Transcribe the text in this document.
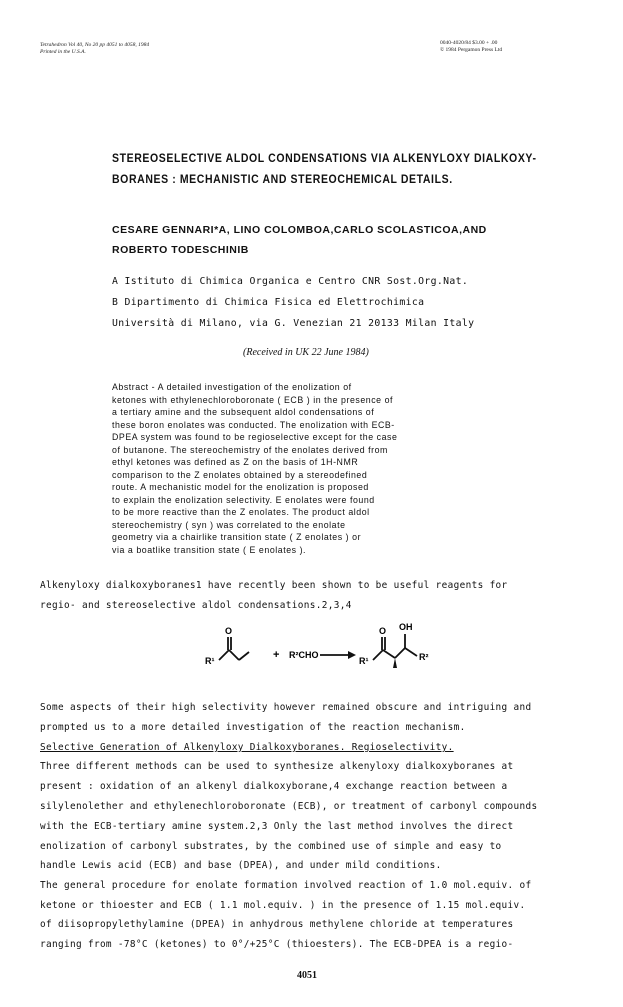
Tetrahedron Vol 40, No 20 pp 4051 to 4058, 1984
Printed in the U.S.A.
0040-4020/84 $3.00 + .00
© 1984 Pergamon Press Ltd
STEREOSELECTIVE ALDOL CONDENSATIONS VIA ALKENYLOXY DIALKOXY-
BORANES : MECHANISTIC AND STEREOCHEMICAL DETAILS.
CESARE GENNARI*A, LINO COLOMBOA,CARLO SCOLASTICOA,AND
ROBERTO TODESCHINIB
A Istituto di Chimica Organica e Centro CNR Sost.Org.Nat.
B Dipartimento di Chimica Fisica ed Elettrochimica
Università di Milano, via G. Venezian 21 20133 Milan Italy
(Received in UK 22 June 1984)
Abstract - A detailed investigation of the enolization of
ketones with ethylenechloroboronate ( ECB ) in the presence of
a tertiary amine and the subsequent aldol condensations of
these boron enolates was conducted. The enolization with ECB-
DPEA system was found to be regioselective except for the case
of butanone. The stereochemistry of the enolates derived from
ethyl ketones was defined as Z on the basis of 1H-NMR
comparison to the Z enolates obtained by a stereodefined
route. A mechanistic model for the enolization is proposed
to explain the enolization selectivity. E enolates were found
to be more reactive than the Z enolates. The product aldol
stereochemistry ( syn ) was correlated to the enolate
geometry via a chairlike transition state ( Z enolates ) or
via a boatlike transition state ( E enolates ).
Alkenyloxy dialkoxyboranes1 have recently been shown to be useful reagents for
regio- and stereoselective aldol condensations.2,3,4
R¹
O
+ R²CHO
R¹
O OH
R²
Some aspects of their high selectivity however remained obscure and intriguing and
prompted us to a more detailed investigation of the reaction mechanism.
Selective Generation of Alkenyloxy Dialkoxyboranes. Regioselectivity.
Three different methods can be used to synthesize alkenyloxy dialkoxyboranes at
present : oxidation of an alkenyl dialkoxyborane,4 exchange reaction between a
silylenolether and ethylenechloroboronate (ECB), or treatment of carbonyl compounds
with the ECB-tertiary amine system.2,3 Only the last method involves the direct
enolization of carbonyl substrates, by the combined use of simple and easy to
handle Lewis acid (ECB) and base (DPEA), and under mild conditions.
The general procedure for enolate formation involved reaction of 1.0 mol.equiv. of
ketone or thioester and ECB ( 1.1 mol.equiv. ) in the presence of 1.15 mol.equiv.
of diisopropylethylamine (DPEA) in anhydrous methylene chloride at temperatures
ranging from -78°C (ketones) to 0°/+25°C (thioesters). The ECB-DPEA is a regio-
4051
